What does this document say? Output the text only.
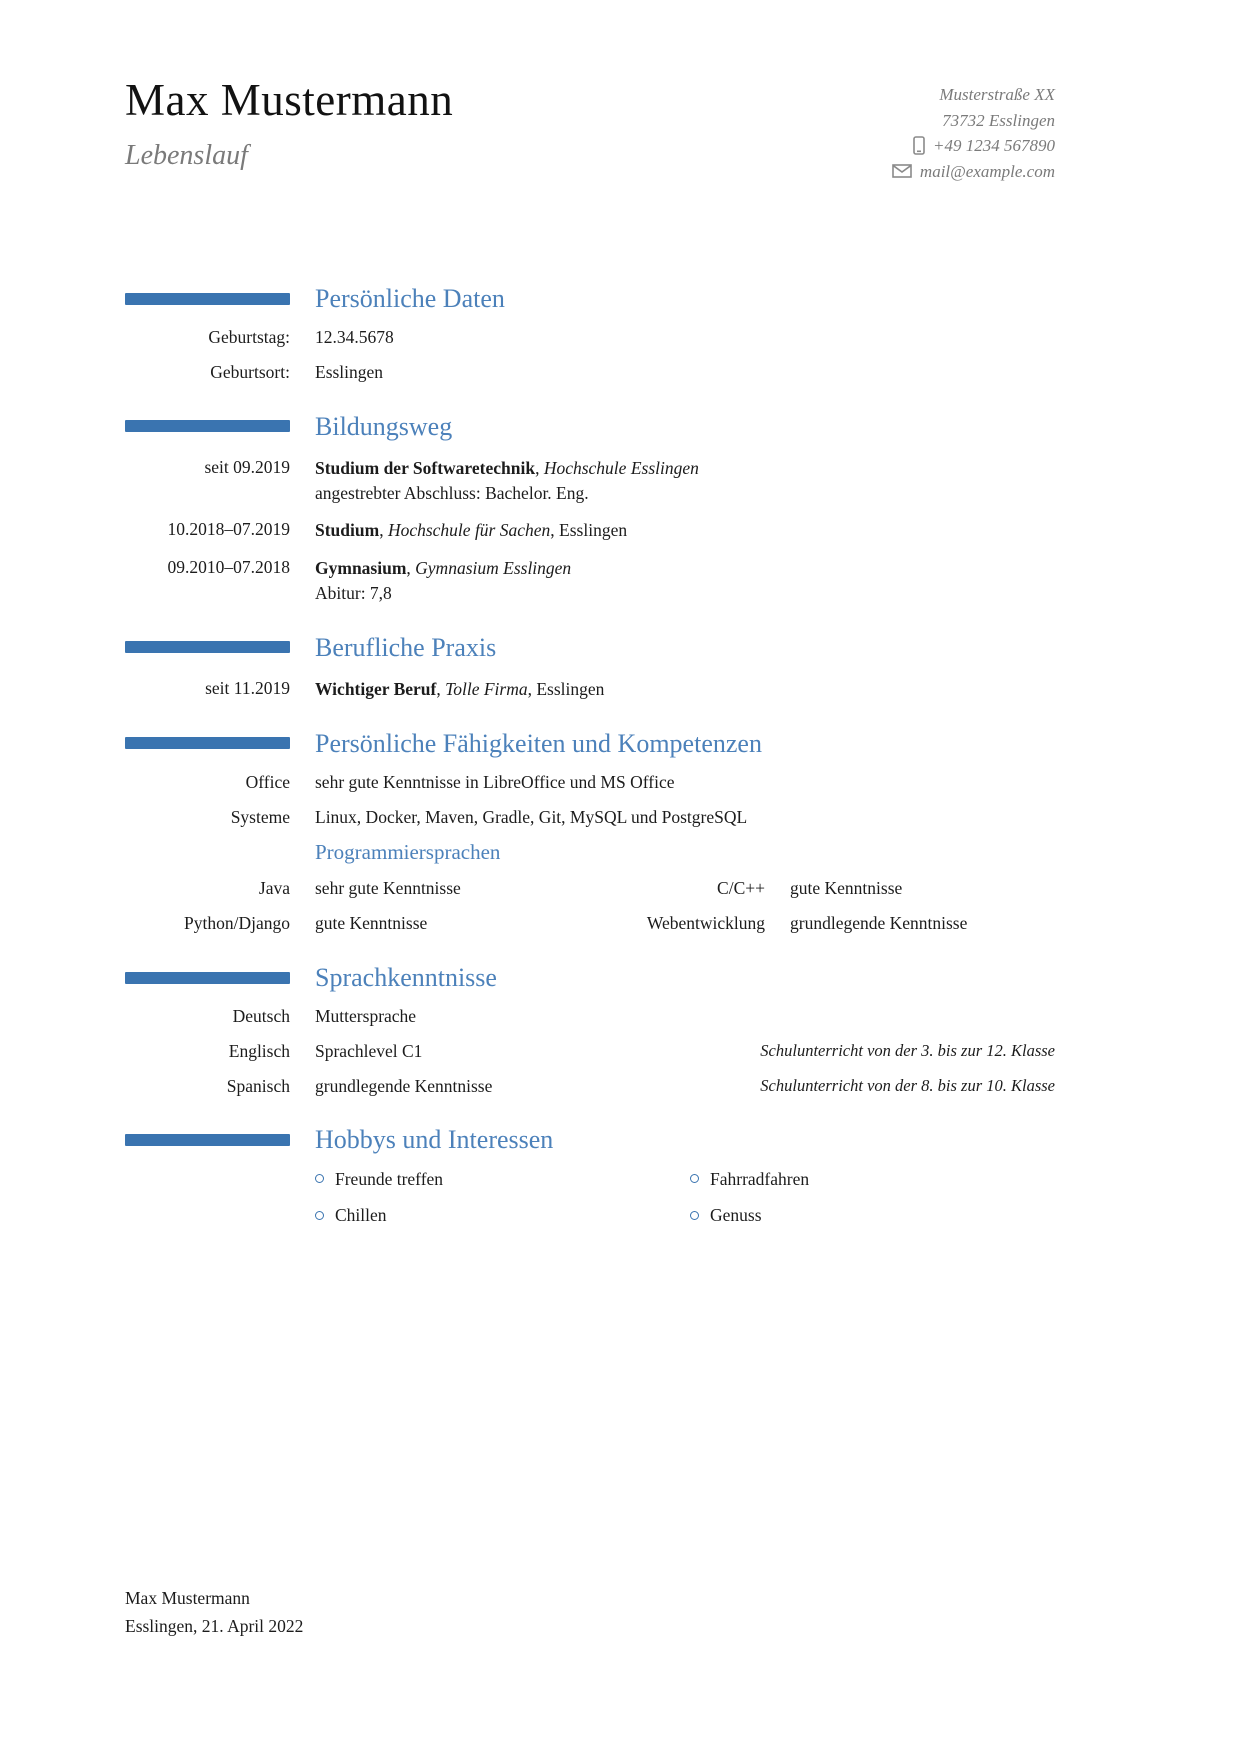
Max Mustermann
Lebenslauf
Musterstraße XX
73732 Esslingen
+49 1234 567890
mail@example.com
Persönliche Daten
Geburtstag: 12.34.5678
Geburtsort: Esslingen
Bildungsweg
seit 09.2019 Studium der Softwaretechnik, Hochschule Esslingen
angestrebter Abschluss: Bachelor. Eng.
10.2018–07.2019 Studium, Hochschule für Sachen, Esslingen
09.2010–07.2018 Gymnasium, Gymnasium Esslingen
Abitur: 7,8
Berufliche Praxis
seit 11.2019 Wichtiger Beruf, Tolle Firma, Esslingen
Persönliche Fähigkeiten und Kompetenzen
Office sehr gute Kenntnisse in LibreOffice und MS Office
Systeme Linux, Docker, Maven, Gradle, Git, MySQL und PostgreSQL
Programmiersprachen
Java sehr gute Kenntnisse	C/C++ gute Kenntnisse
Python/Django gute Kenntnisse	Webentwicklung grundlegende Kenntnisse
Sprachkenntnisse
Deutsch Muttersprache
Englisch Sprachlevel C1	Schulunterricht von der 3. bis zur 12. Klasse
Spanisch grundlegende Kenntnisse	Schulunterricht von der 8. bis zur 10. Klasse
Hobbys und Interessen
Freunde treffen
Chillen
Fahrradfahren
Genuss
Max Mustermann
Esslingen, 21. April 2022
